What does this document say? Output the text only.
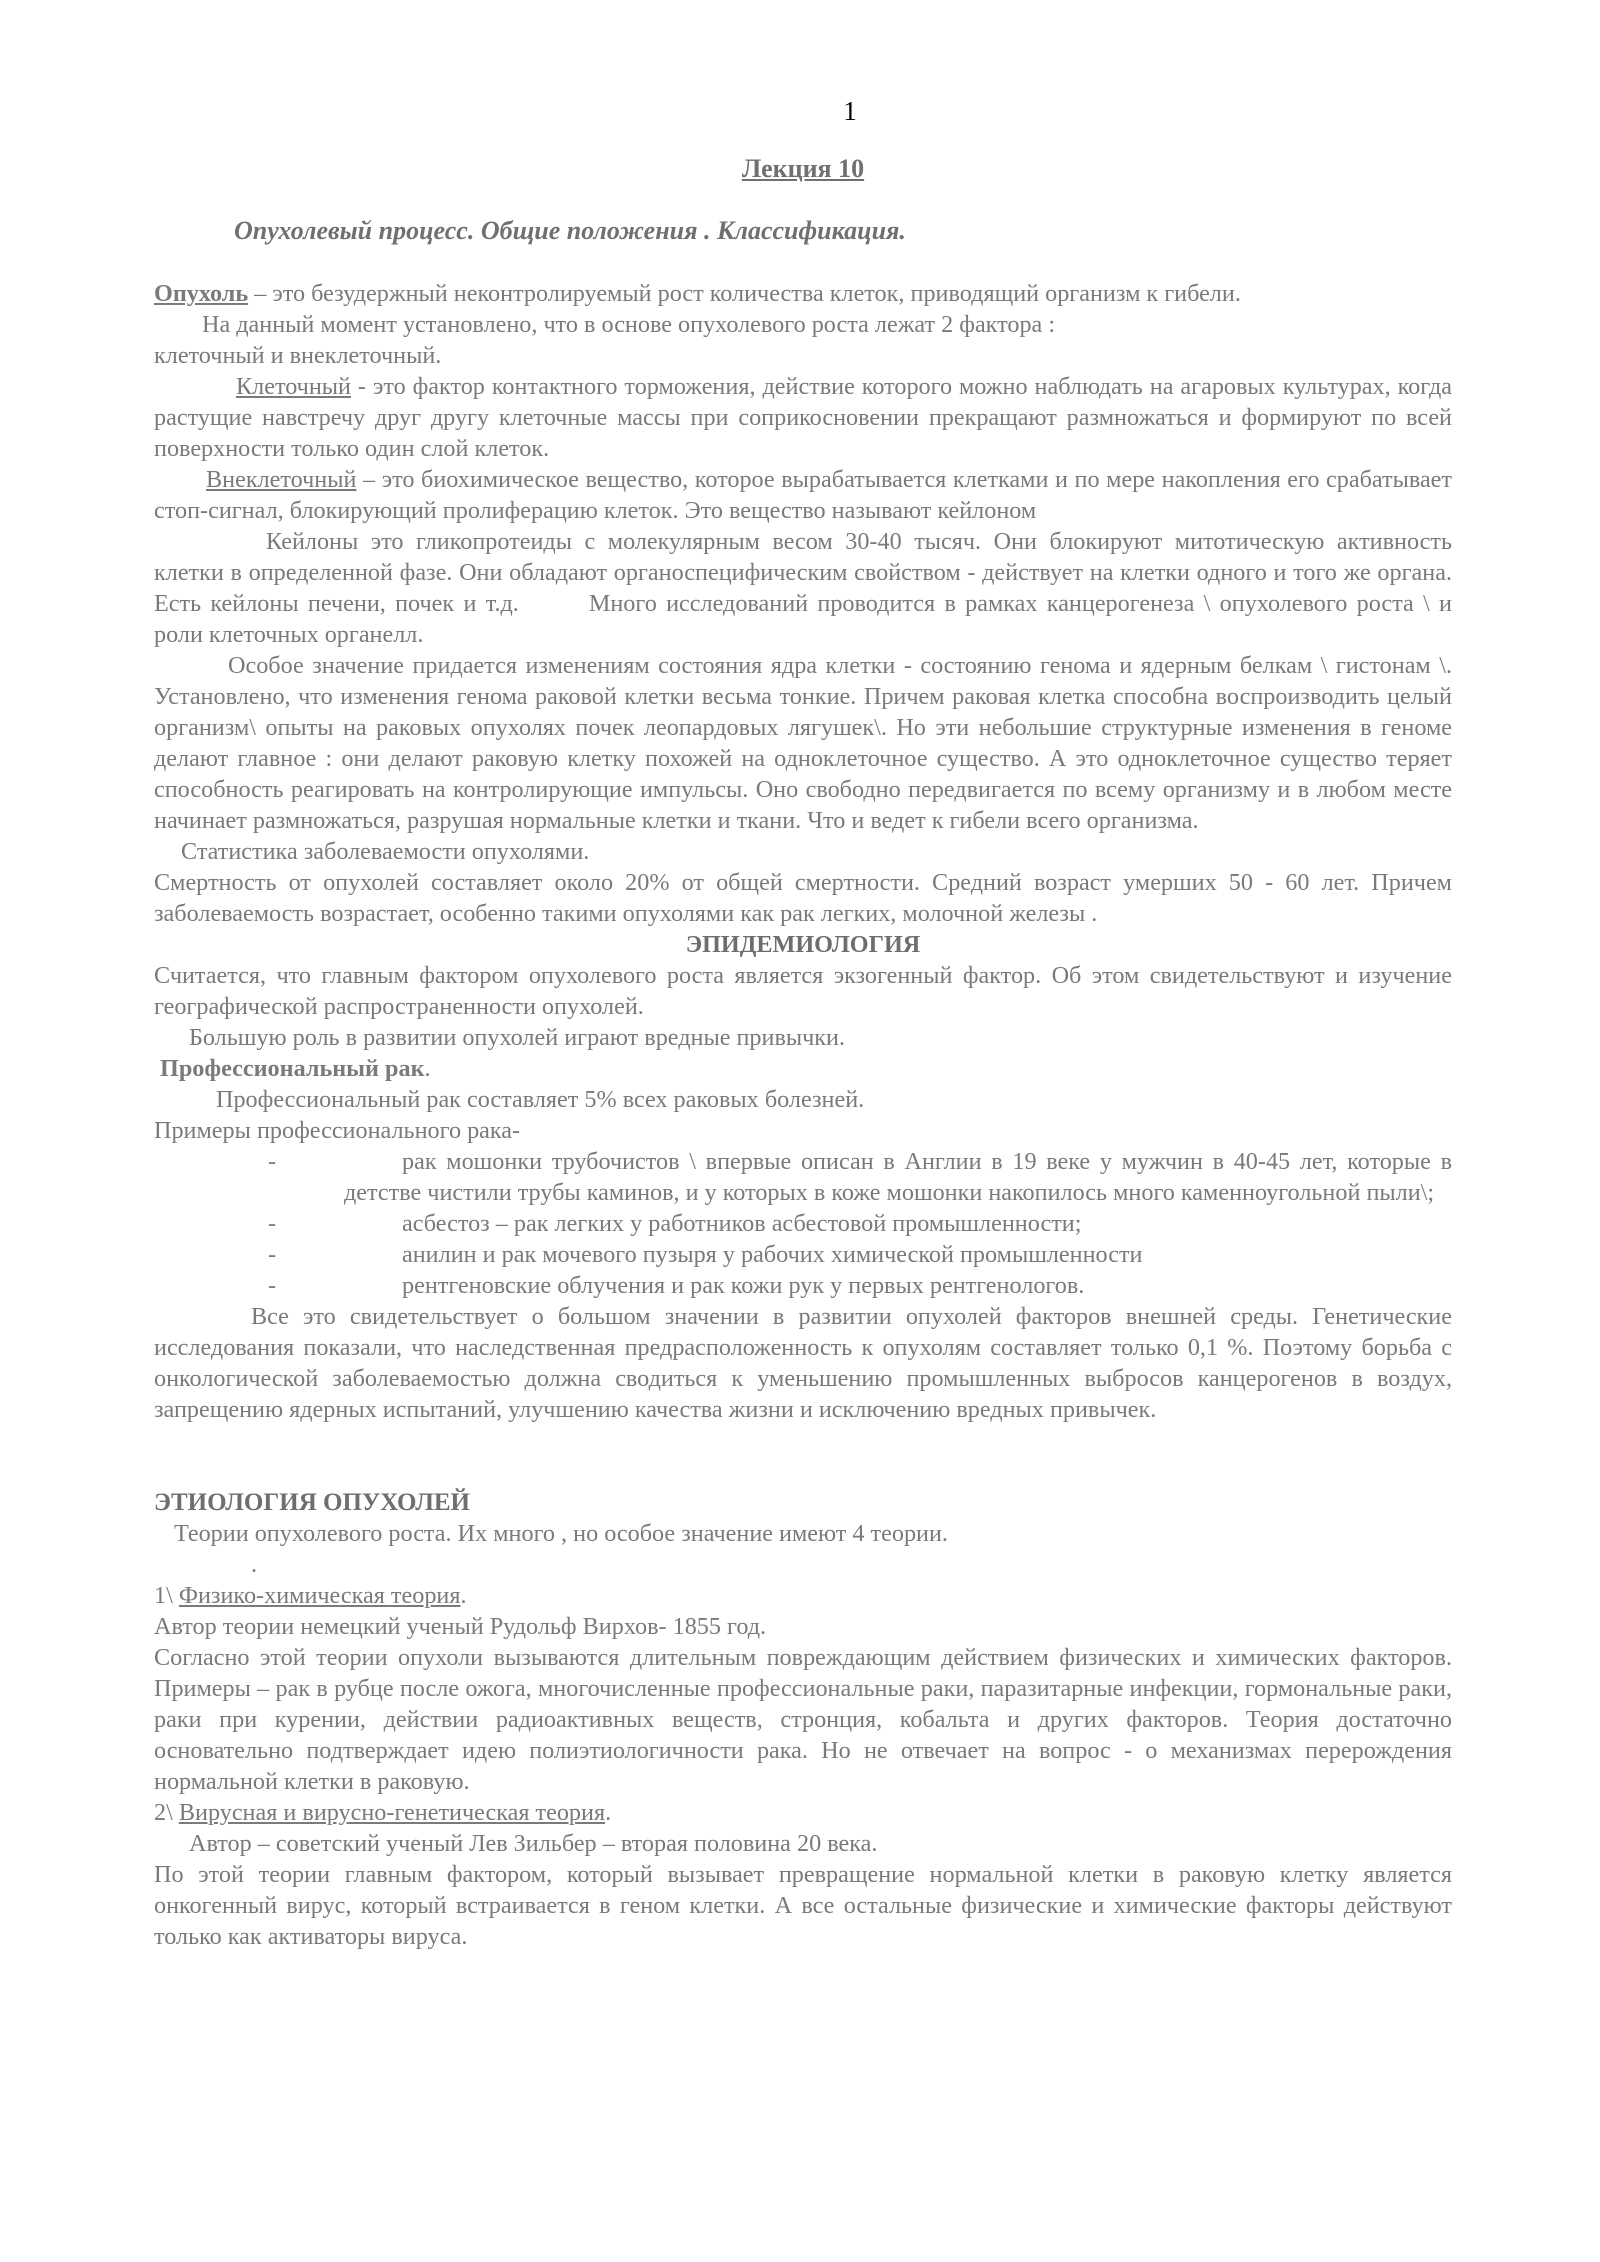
1
Лекция 10
Опухолевый процесс. Общие положения . Классификация.

Опухоль – это безудержный неконтролируемый рост количества клеток, приводящий организм к гибели.

На данный момент установлено, что в основе опухолевого роста лежат 2 фактора :

клеточный и внеклеточный.

Клеточный - это фактор контактного торможения, действие которого можно наблюдать на агаровых культурах, когда растущие навстречу друг другу клеточные массы при соприкосновении прекращают размножаться и формируют по всей поверхности только один слой клеток.

Внеклеточный – это биохимическое вещество, которое вырабатывается клетками и по мере накопления его срабатывает стоп-сигнал, блокирующий пролиферацию клеток. Это вещество называют кейлоном

Кейлоны это гликопротеиды с молекулярным весом 30-40 тысяч. Они блокируют митотическую активность клетки в определенной фазе. Они обладают органоспецифическим свойством - действует на клетки одного и того же органа. Есть кейлоны печени, почек и т.д.	Много исследований проводится в рамках канцерогенеза \ опухолевого роста \ и роли клеточных органелл.

Особое значение придается изменениям состояния ядра клетки - состоянию генома и ядерным белкам \ гистонам \. Установлено, что изменения генома раковой клетки весьма тонкие. Причем раковая клетка способна воспроизводить целый организм\ опыты на раковых опухолях почек леопардовых лягушек\. Но эти небольшие структурные изменения в геноме делают главное : они делают раковую клетку похожей на одноклеточное существо. А это одноклеточное существо теряет способность реагировать на контролирующие импульсы. Оно свободно передвигается по всему организму и в любом месте начинает размножаться, разрушая нормальные клетки и ткани. Что и ведет к гибели всего организма.

Статистика заболеваемости опухолями.

Смертность от опухолей составляет около 20% от общей смертности. Средний возраст умерших 50 - 60 лет. Причем заболеваемость возрастает, особенно такими опухолями как рак легких, молочной железы .

ЭПИДЕМИОЛОГИЯ

Считается, что главным фактором опухолевого роста является экзогенный фактор. Об этом свидетельствуют и изучение географической распространенности опухолей.

Большую роль в развитии опухолей играют вредные привычки.

Профессиональный рак.

Профессиональный рак составляет 5% всех раковых болезней.

Примеры профессионального рака-

-	рак мошонки трубочистов \ впервые описан в Англии в 19 веке у мужчин в 40-45 лет, которые в детстве чистили трубы каминов, и у которых в коже мошонки накопилось много каменноугольной пыли\;
-	асбестоз – рак легких у работников асбестовой промышленности;
-	анилин и рак мочевого пузыря у рабочих химической промышленности
-	рентгеновские облучения и рак кожи рук у первых рентгенологов.

Все это свидетельствует о большом значении в развитии опухолей факторов внешней среды. Генетические исследования показали, что наследственная предрасположенность к опухолям составляет только 0,1 %. Поэтому борьба с онкологической заболеваемостью должна сводиться к уменьшению промышленных выбросов канцерогенов в воздух, запрещению ядерных испытаний, улучшению качества жизни и исключению вредных привычек.

ЭТИОЛОГИЯ ОПУХОЛЕЙ

Теории опухолевого роста. Их много , но особое значение имеют 4 теории.

.

1\ Физико-химическая теория.

Автор теории немецкий ученый Рудольф Вирхов- 1855 год.

Согласно этой теории опухоли вызываются длительным повреждающим действием физических и химических факторов. Примеры – рак в рубце после ожога, многочисленные профессиональные раки, паразитарные инфекции, гормональные раки, раки при курении, действии радиоактивных веществ, стронция, кобальта и других факторов. Теория достаточно основательно подтверждает идею полиэтиологичности рака. Но не отвечает на вопрос - о механизмах перерождения нормальной клетки в раковую.

2\ Вирусная и вирусно-генетическая теория.

Автор – советский ученый Лев Зильбер – вторая половина 20 века.

По этой теории главным фактором, который вызывает превращение нормальной клетки в раковую клетку является онкогенный вирус, который встраивается в геном клетки. А все остальные физические и химические факторы действуют только как активаторы вируса.
